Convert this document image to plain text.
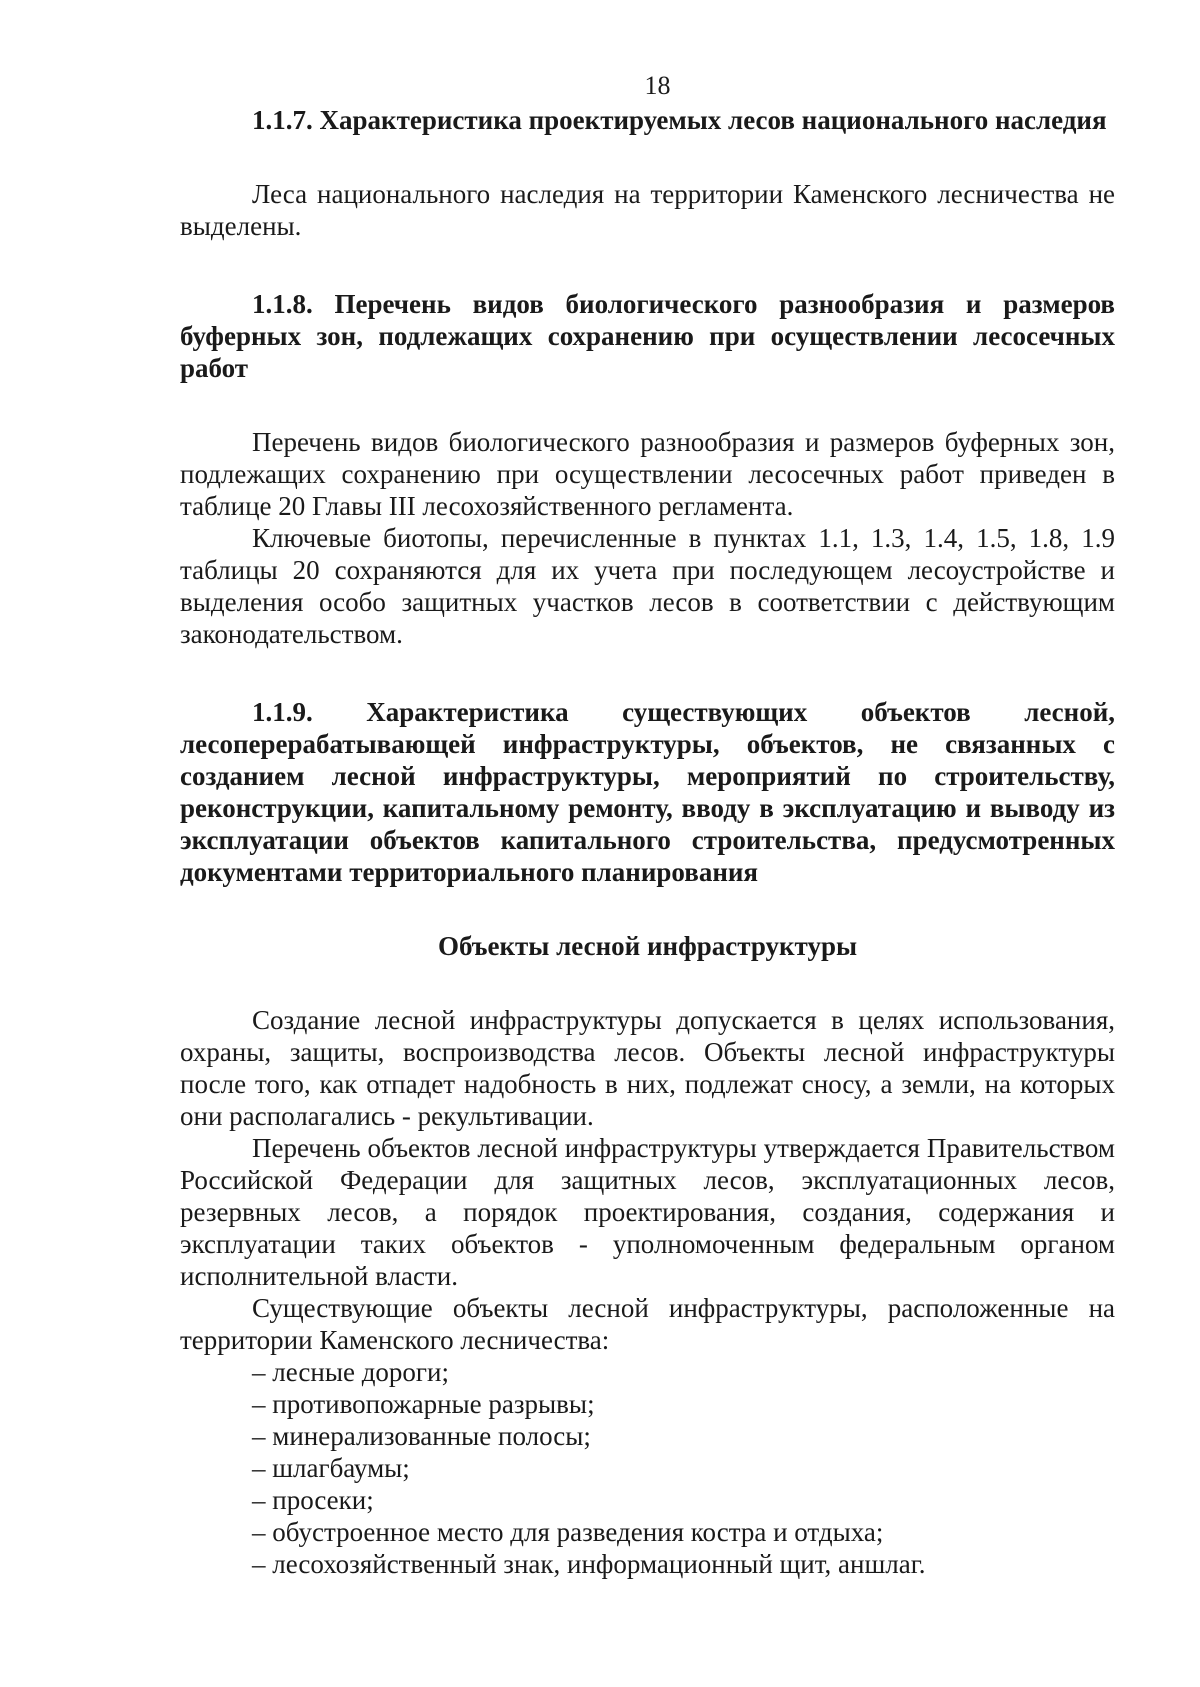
18

1.1.7. Характеристика проектируемых лесов национального наследия

Леса национального наследия на территории Каменского лесничества не выделены.

1.1.8. Перечень видов биологического разнообразия и размеров буферных зон, подлежащих сохранению при осуществлении лесосечных работ

Перечень видов биологического разнообразия и размеров буферных зон, подлежащих сохранению при осуществлении лесосечных работ приведен в таблице 20 Главы III лесохозяйственного регламента.

Ключевые биотопы, перечисленные в пунктах 1.1, 1.3, 1.4, 1.5, 1.8, 1.9 таблицы 20 сохраняются для их учета при последующем лесоустройстве и выделения особо защитных участков лесов в соответствии с действующим законодательством.

1.1.9. Характеристика существующих объектов лесной, лесоперерабатывающей инфраструктуры, объектов, не связанных с созданием лесной инфраструктуры, мероприятий по строительству, реконструкции, капитальному ремонту, вводу в эксплуатацию и выводу из эксплуатации объектов капитального строительства, предусмотренных документами территориального планирования

Объекты лесной инфраструктуры

Создание лесной инфраструктуры допускается в целях использования, охраны, защиты, воспроизводства лесов. Объекты лесной инфраструктуры после того, как отпадет надобность в них, подлежат сносу, а земли, на которых они располагались - рекультивации.

Перечень объектов лесной инфраструктуры утверждается Правительством Российской Федерации для защитных лесов, эксплуатационных лесов, резервных лесов, а порядок проектирования, создания, содержания и эксплуатации таких объектов - уполномоченным федеральным органом исполнительной власти.

Существующие объекты лесной инфраструктуры, расположенные на территории Каменского лесничества:

– лесные дороги;
– противопожарные разрывы;
– минерализованные полосы;
– шлагбаумы;
– просеки;
– обустроенное место для разведения костра и отдыха;
– лесохозяйственный знак, информационный щит, аншлаг.
